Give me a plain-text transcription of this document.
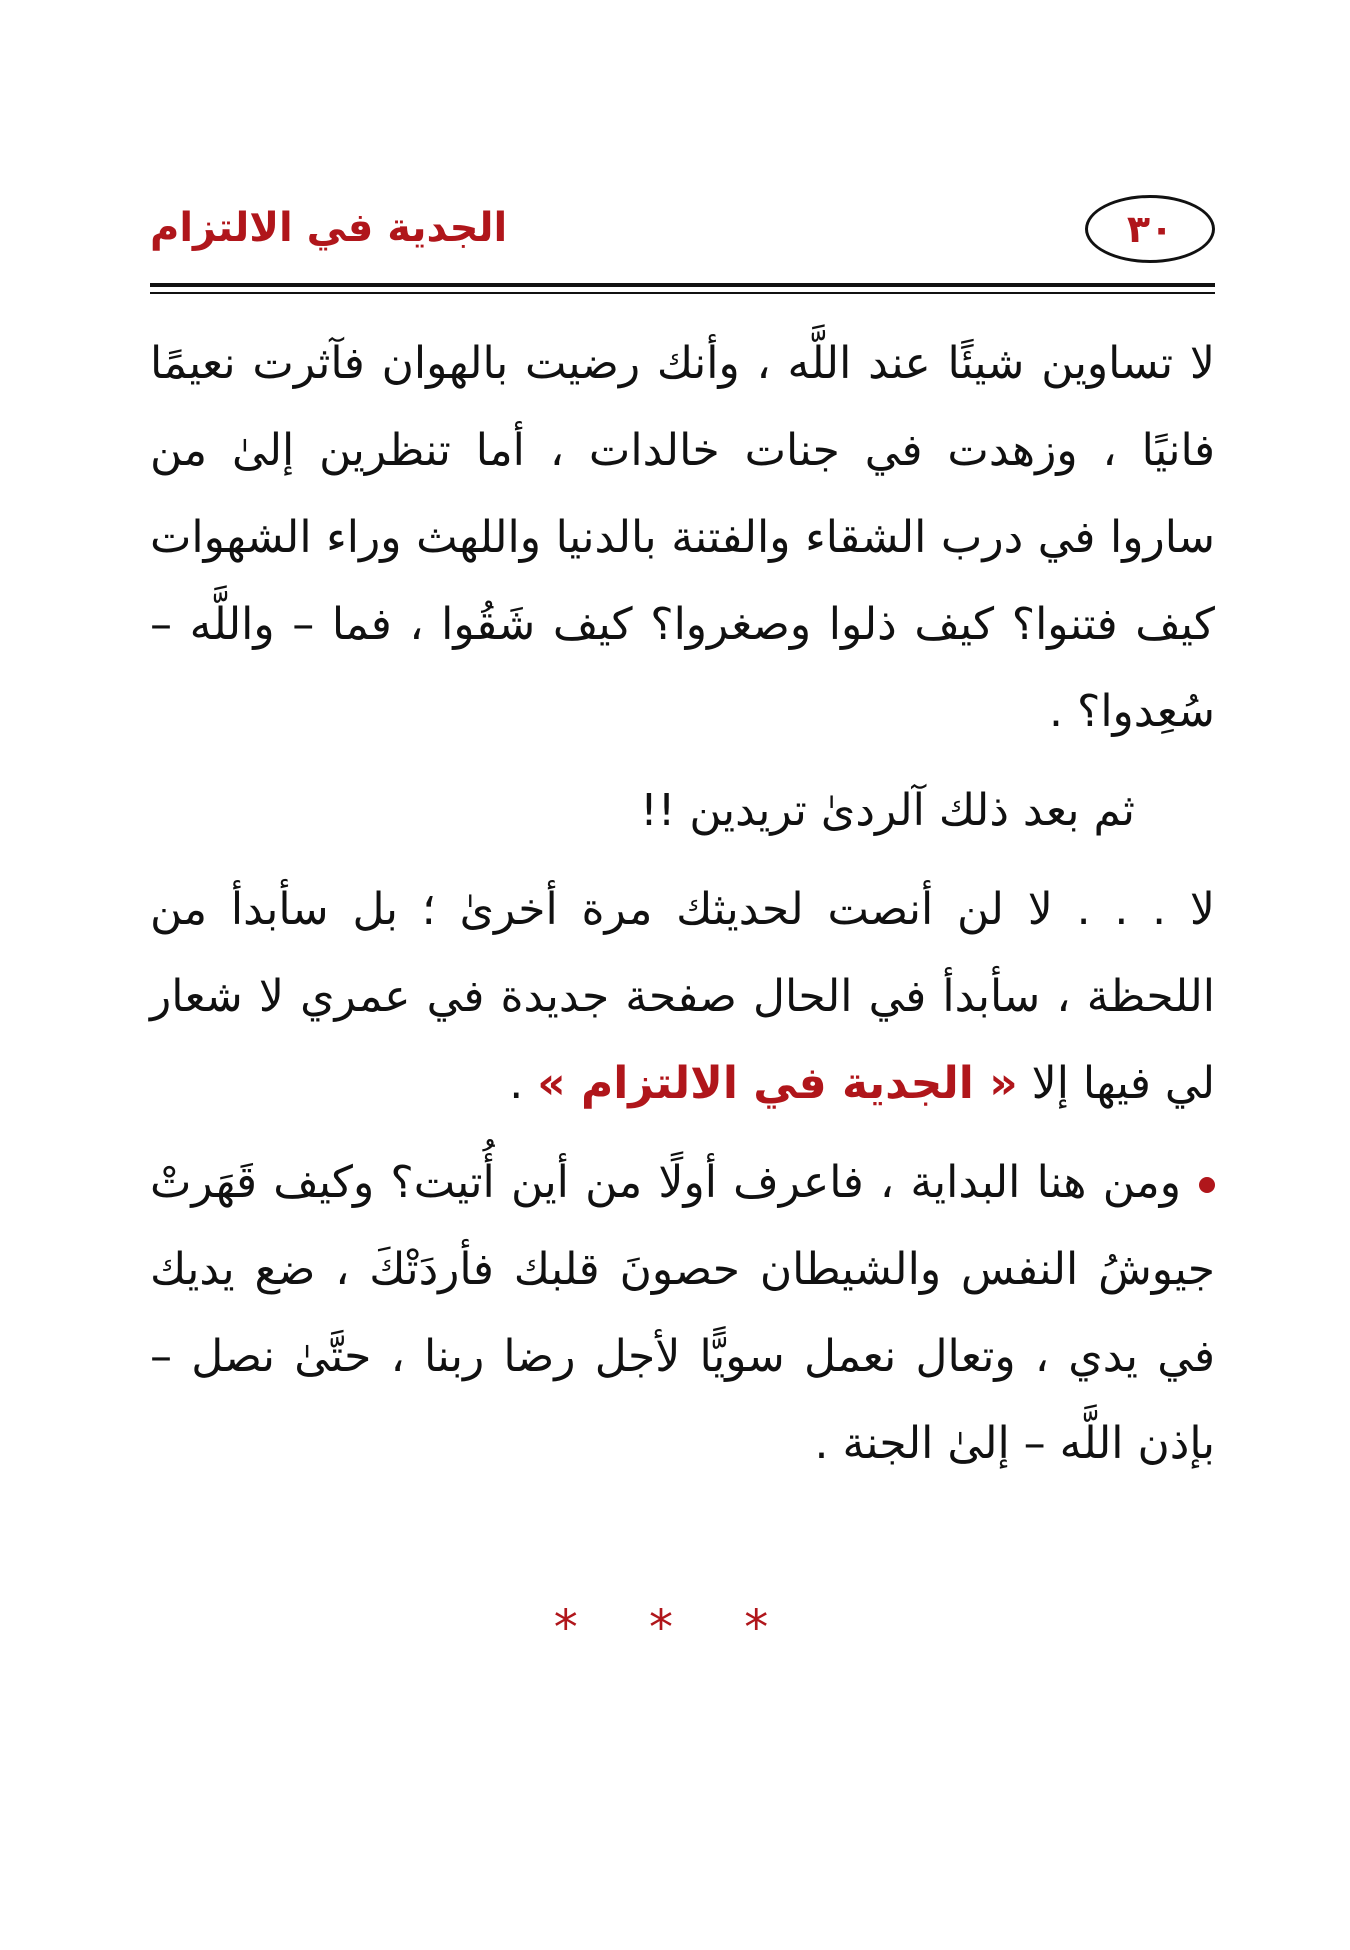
الجدية في الالتزام	٣٠

لا تساوين شيئًا عند اللَّه ، وأنك رضيت بالهوان فآثرت نعيمًا فانيًا ، وزهدت في جنات خالدات ، أما تنظرين إلىٰ من ساروا في درب الشقاء والفتنة بالدنيا واللهث وراء الشهوات كيف فتنوا؟ كيف ذلوا وصغروا؟ كيف شَقُوا ، فما – واللَّه – سُعِدوا؟ .

ثم بعد ذلك آلردىٰ تريدين !!

لا . . . لا لن أنصت لحديثك مرة أخرىٰ ؛ بل سأبدأ من اللحظة ، سأبدأ في الحال صفحة جديدة في عمري لا شعار لي فيها إلا « الجدية في الالتزام » .

ومن هنا البداية ، فاعرف أولًا من أين أُتيت؟ وكيف قَهَرتْ جيوشُ النفس والشيطان حصونَ قلبك فأردَتْكَ ، ضع يديك في يدي ، وتعال نعمل سويًّا لأجل رضا ربنا ، حتَّىٰ نصل – بإذن اللَّه – إلىٰ الجنة .

* * *
